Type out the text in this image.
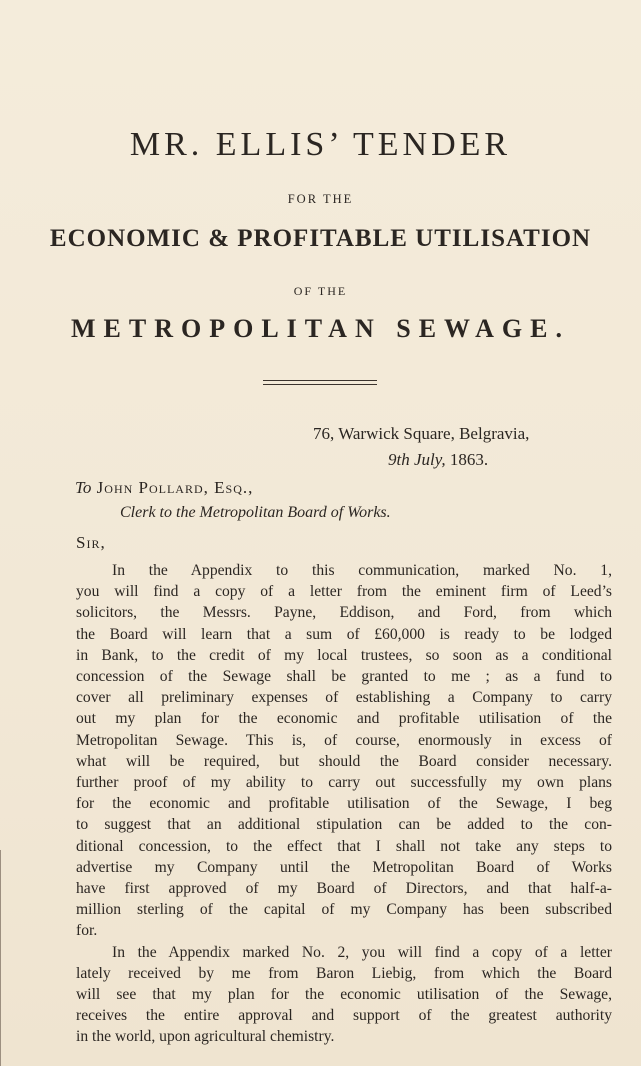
MR. ELLIS’ TENDER
FOR THE
ECONOMIC & PROFITABLE UTILISATION
OF THE
METROPOLITAN SEWAGE.
76, Warwick Square, Belgravia,
9th July, 1863.
To John Pollard, Esq.,
Clerk to the Metropolitan Board of Works.
Sir,
In the Appendix to this communication, marked No. 1,
you will find a copy of a letter from the eminent firm of Leed’s
solicitors, the Messrs. Payne, Eddison, and Ford, from which
the Board will learn that a sum of £60,000 is ready to be lodged
in Bank, to the credit of my local trustees, so soon as a conditional
concession of the Sewage shall be granted to me ; as a fund to
cover all preliminary expenses of establishing a Company to carry
out my plan for the economic and profitable utilisation of the
Metropolitan Sewage. This is, of course, enormously in excess of
what will be required, but should the Board consider necessary.
further proof of my ability to carry out successfully my own plans
for the economic and profitable utilisation of the Sewage, I beg
to suggest that an additional stipulation can be added to the con-
ditional concession, to the effect that I shall not take any steps to
advertise my Company until the Metropolitan Board of Works
have first approved of my Board of Directors, and that half-a-
million sterling of the capital of my Company has been subscribed
for.
In the Appendix marked No. 2, you will find a copy of a letter
lately received by me from Baron Liebig, from which the Board
will see that my plan for the economic utilisation of the Sewage,
receives the entire approval and support of the greatest authority
in the world, upon agricultural chemistry.
